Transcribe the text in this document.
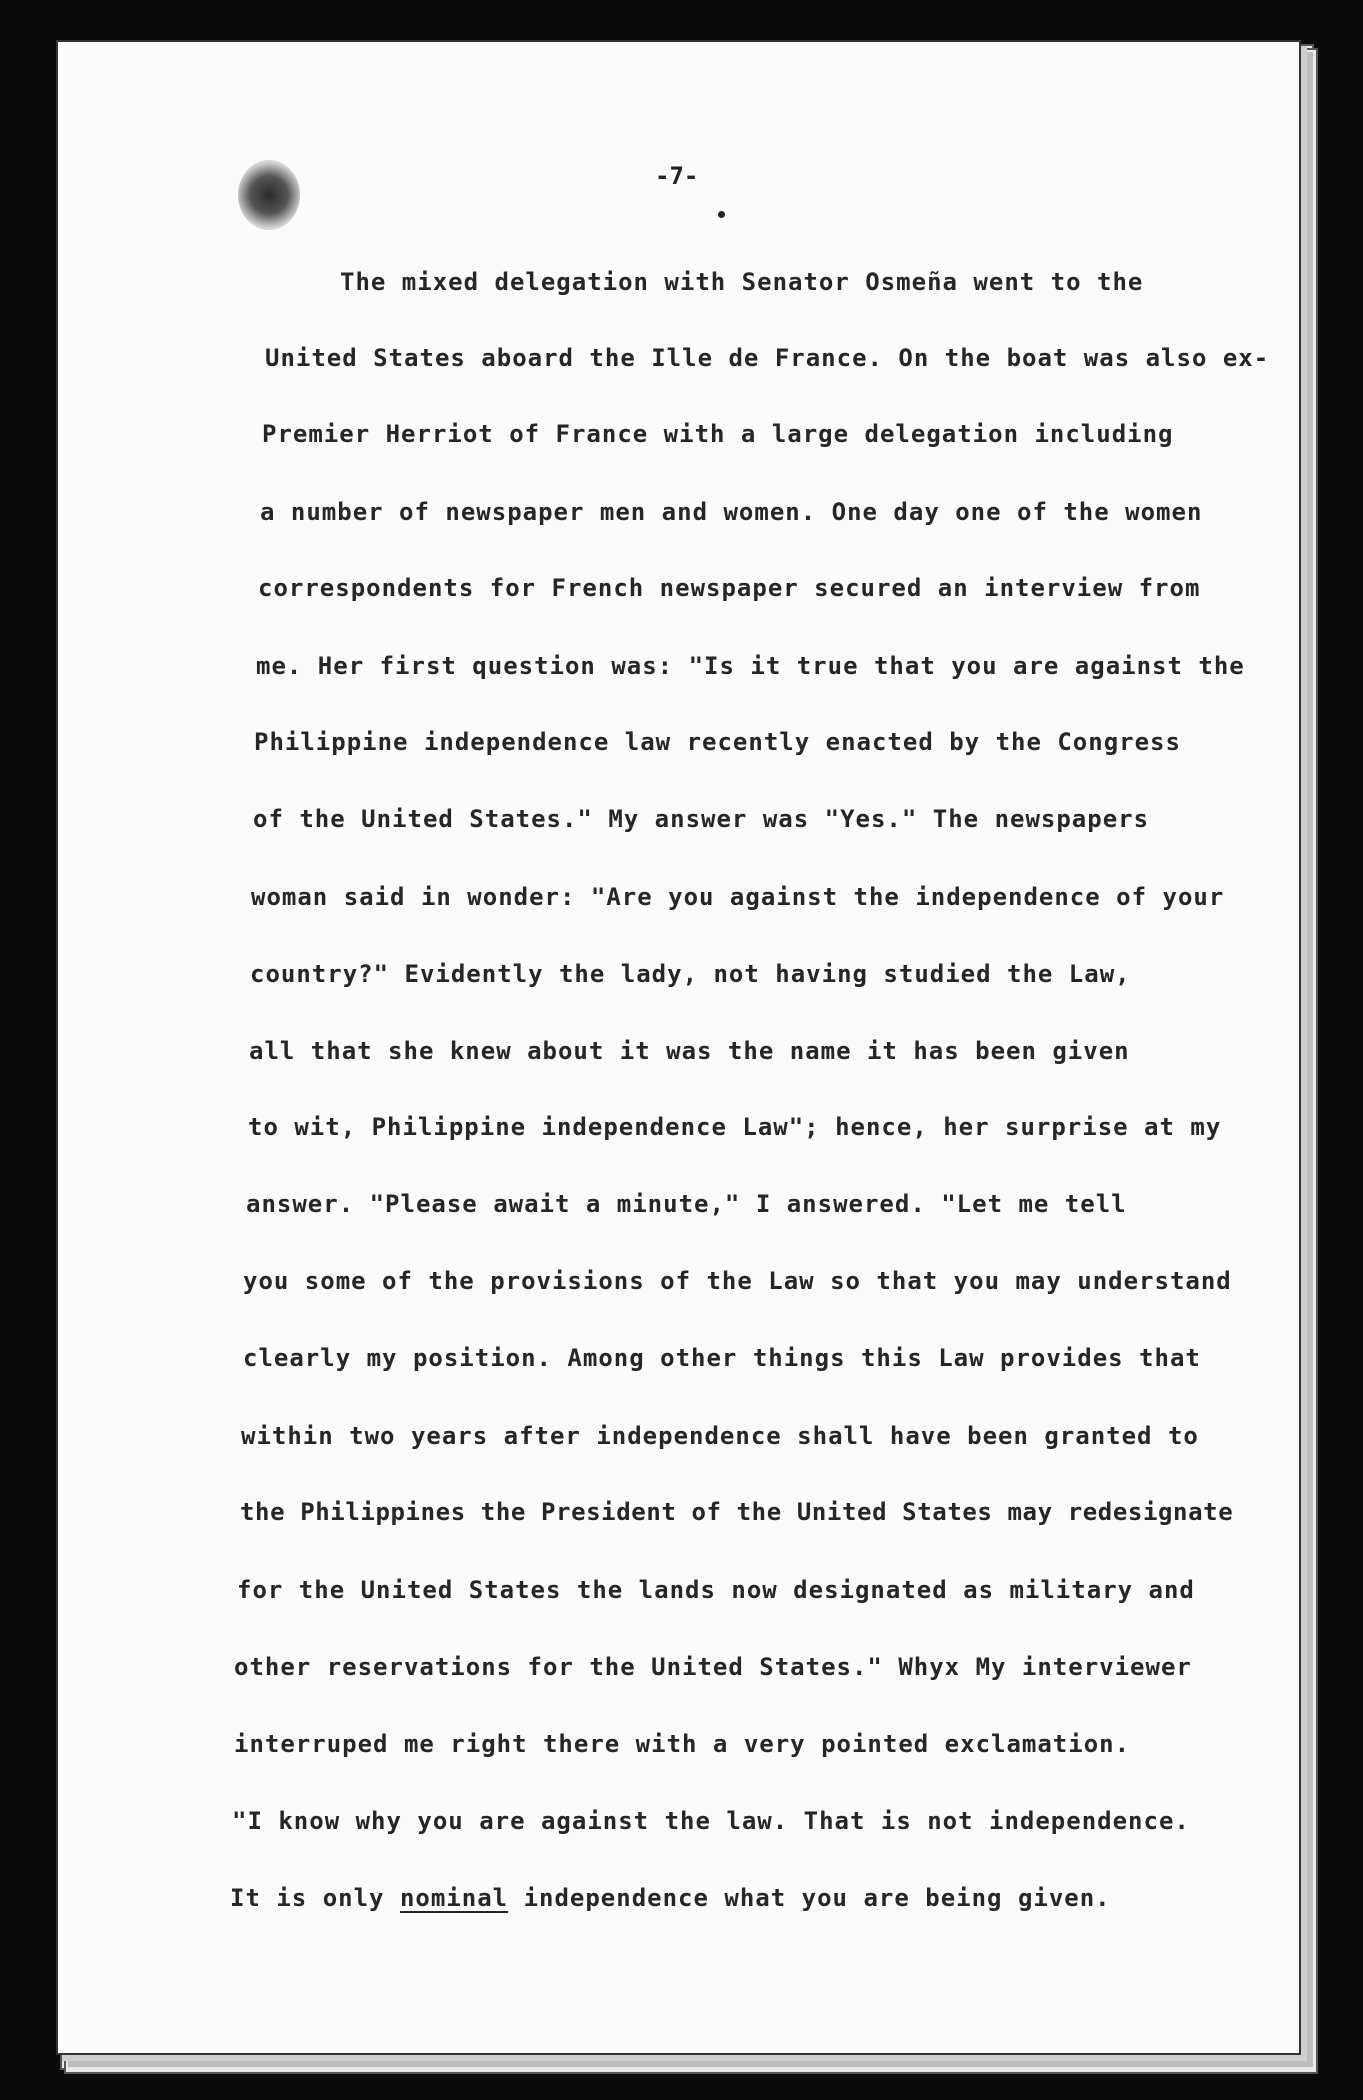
-7-
The mixed delegation with Senator Osmeña went to the
United States aboard the Ille de France. On the boat was also ex-
Premier Herriot of France with a large delegation including
a number of newspaper men and women. One day one of the women
correspondents for French newspaper secured an interview from
me. Her first question was: "Is it true that you are against the
Philippine independence law recently enacted by the Congress
of the United States." My answer was "Yes." The newspapers
woman said in wonder: "Are you against the independence of your
country?" Evidently the lady, not having studied the Law,
all that she knew about it was the name it has been given
to wit, Philippine independence Law"; hence, her surprise at my
answer. "Please await a minute," I answered. "Let me tell
you some of the provisions of the Law so that you may understand
clearly my position. Among other things this Law provides that
within two years after independence shall have been granted to
the Philippines the President of the United States may redesignate
for the United States the lands now designated as military and
other reservations for the United States." Whyx My interviewer
interruped me right there with a very pointed exclamation.
"I know why you are against the law. That is not independence.
It is only nominal independence what you are being given.
